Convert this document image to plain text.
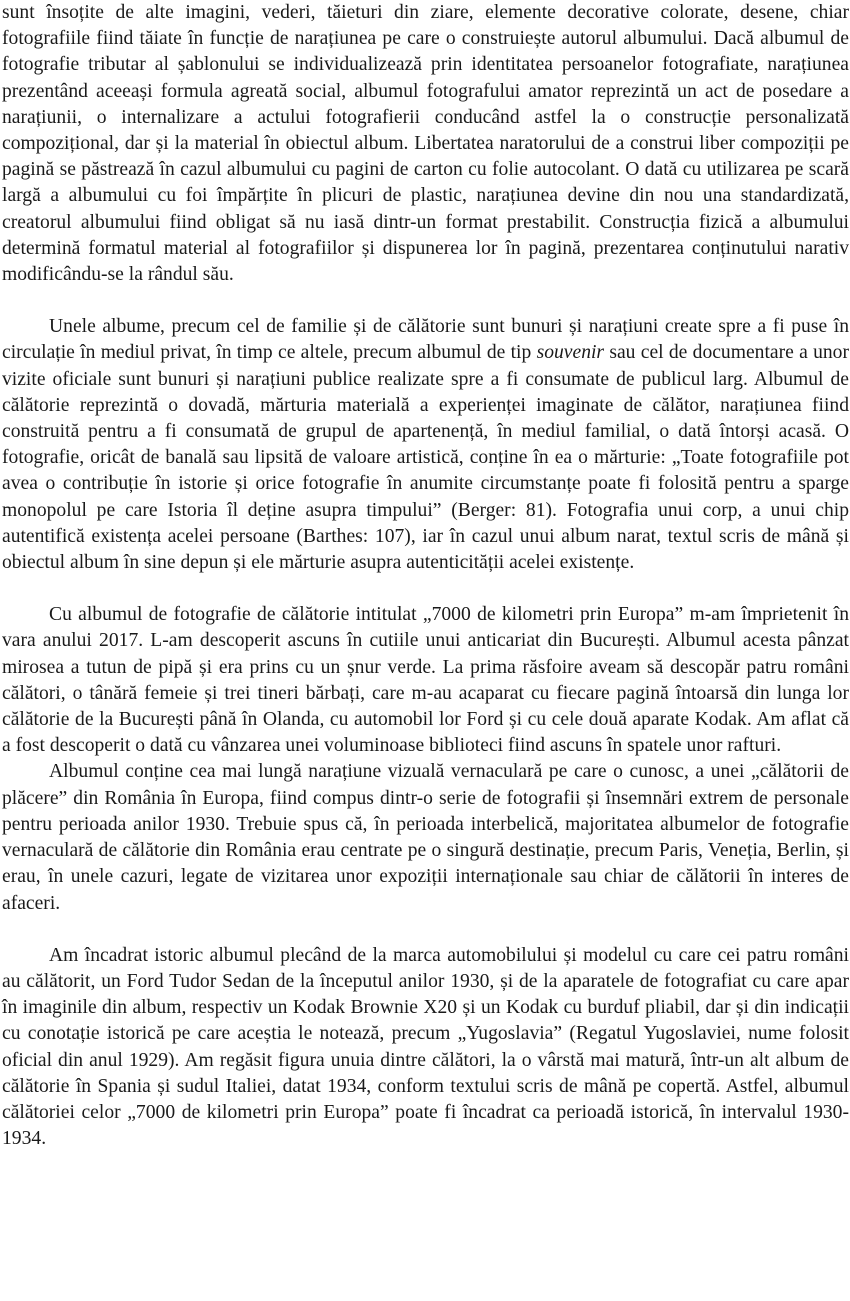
sunt însoțite de alte imagini, vederi, tăieturi din ziare, elemente decorative colorate, desene, chiar fotografiile fiind tăiate în funcție de narațiunea pe care o construiește autorul albumului. Dacă albumul de fotografie tributar al șablonului se individualizează prin identitatea persoanelor fotografiate, narațiunea prezentând aceeași formula agreată social, albumul fotografului amator reprezintă un act de posedare a narațiunii, o internalizare a actului fotografierii conducând astfel la o construcție personalizată compozițional, dar și la material în obiectul album. Libertatea naratorului de a construi liber compoziții pe pagină se păstrează în cazul albumului cu pagini de carton cu folie autocolant. O dată cu utilizarea pe scară largă a albumului cu foi împărțite în plicuri de plastic, narațiunea devine din nou una standardizată, creatorul albumului fiind obligat să nu iasă dintr-un format prestabilit. Construcția fizică a albumului determină formatul material al fotografiilor și dispunerea lor în pagină, prezentarea conținutului narativ modificându-se la rândul său.

Unele albume, precum cel de familie și de călătorie sunt bunuri și narațiuni create spre a fi puse în circulație în mediul privat, în timp ce altele, precum albumul de tip souvenir sau cel de documentare a unor vizite oficiale sunt bunuri și narațiuni publice realizate spre a fi consumate de publicul larg. Albumul de călătorie reprezintă o dovadă, mărturia materială a experienței imaginate de călător, narațiunea fiind construită pentru a fi consumată de grupul de apartenență, în mediul familial, o dată întorși acasă. O fotografie, oricât de banală sau lipsită de valoare artistică, conține în ea o mărturie: „Toate fotografiile pot avea o contribuție în istorie și orice fotografie în anumite circumstanțe poate fi folosită pentru a sparge monopolul pe care Istoria îl deține asupra timpului” (Berger: 81). Fotografia unui corp, a unui chip autentifică existența acelei persoane (Barthes: 107), iar în cazul unui album narat, textul scris de mână și obiectul album în sine depun și ele mărturie asupra autenticității acelei existențe.

Cu albumul de fotografie de călătorie intitulat „7000 de kilometri prin Europa” m-am împrietenit în vara anului 2017. L-am descoperit ascuns în cutiile unui anticariat din București. Albumul acesta pânzat mirosea a tutun de pipă și era prins cu un șnur verde. La prima răsfoire aveam să descopăr patru români călători, o tânără femeie și trei tineri bărbați, care m-au acaparat cu fiecare pagină întoarsă din lunga lor călătorie de la București până în Olanda, cu automobil lor Ford și cu cele două aparate Kodak. Am aflat că a fost descoperit o dată cu vânzarea unei voluminoase biblioteci fiind ascuns în spatele unor rafturi.

Albumul conține cea mai lungă narațiune vizuală vernaculară pe care o cunosc, a unei „călătorii de plăcere” din România în Europa, fiind compus dintr-o serie de fotografii și însemnări extrem de personale pentru perioada anilor 1930. Trebuie spus că, în perioada interbelică, majoritatea albumelor de fotografie vernaculară de călătorie din România erau centrate pe o singură destinație, precum Paris, Veneția, Berlin, și erau, în unele cazuri, legate de vizitarea unor expoziții internaționale sau chiar de călătorii în interes de afaceri.

Am încadrat istoric albumul plecând de la marca automobilului și modelul cu care cei patru români au călătorit, un Ford Tudor Sedan de la începutul anilor 1930, și de la aparatele de fotografiat cu care apar în imaginile din album, respectiv un Kodak Brownie X20 și un Kodak cu burduf pliabil, dar și din indicații cu conotație istorică pe care aceștia le notează, precum „Yugoslavia” (Regatul Yugoslaviei, nume folosit oficial din anul 1929). Am regăsit figura unuia dintre călători, la o vârstă mai matură, într-un alt album de călătorie în Spania și sudul Italiei, datat 1934, conform textului scris de mână pe copertă. Astfel, albumul călătoriei celor „7000 de kilometri prin Europa” poate fi încadrat ca perioadă istorică, în intervalul 1930-1934.
